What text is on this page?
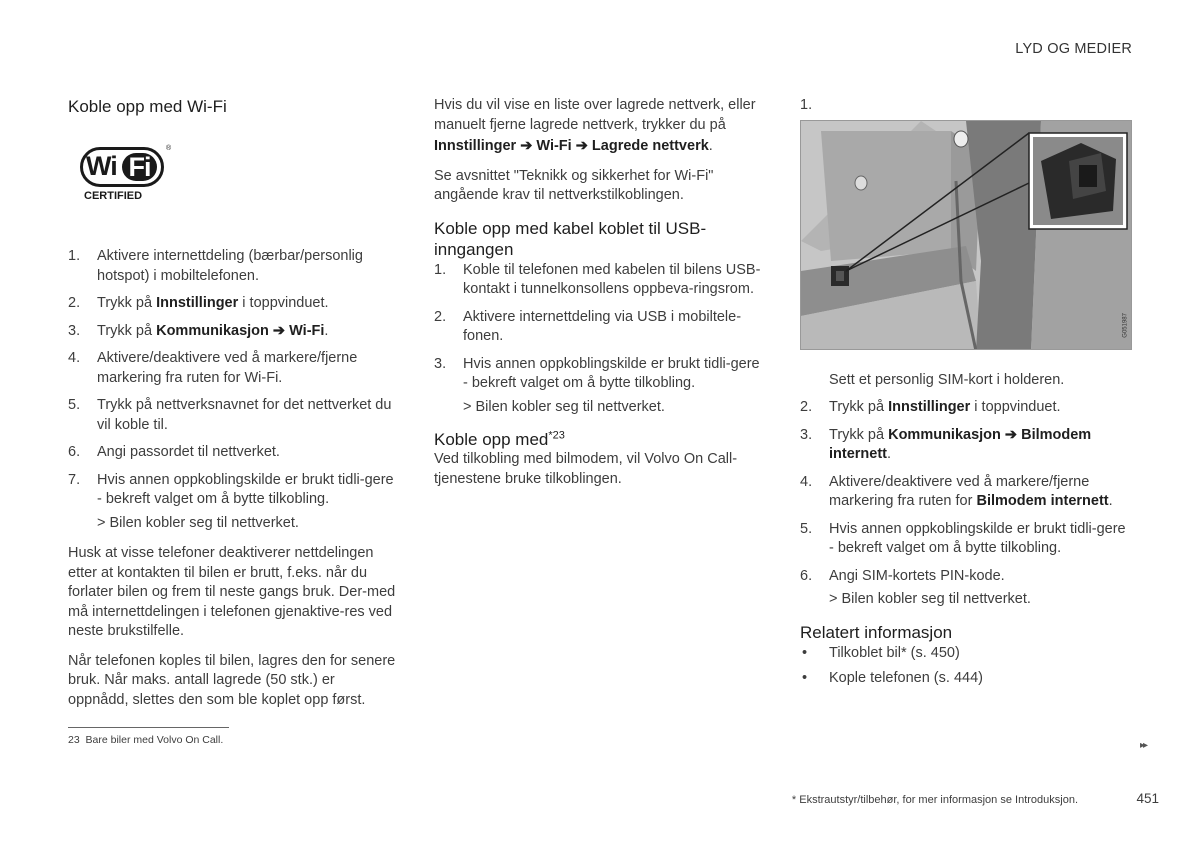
LYD OG MEDIER
Koble opp med Wi-Fi
Wi Fi
®
CERTIFIED
1. Aktivere internettdeling (bærbar/personlig hotspot) i mobiltelefonen.
2. Trykk på Innstillinger i toppvinduet.
3. Trykk på Kommunikasjon ➔ Wi-Fi.
4. Aktivere/deaktivere ved å markere/fjerne markering fra ruten for Wi-Fi.
5. Trykk på nettverksnavnet for det nettverket du vil koble til.
6. Angi passordet til nettverket.
7. Hvis annen oppkoblingskilde er brukt tidli-gere - bekreft valget om å bytte tilkobling.
> Bilen kobler seg til nettverket.

Husk at visse telefoner deaktiverer nettdelingen etter at kontakten til bilen er brutt, f.eks. når du forlater bilen og frem til neste gangs bruk. Der-med må internettdelingen i telefonen gjenaktive-res ved neste brukstilfelle.

Når telefonen koples til bilen, lagres den for senere bruk. Når maks. antall lagrede (50 stk.) er oppnådd, slettes den som ble koplet opp først.

Hvis du vil vise en liste over lagrede nettverk, eller manuelt fjerne lagrede nettverk, trykker du på

Innstillinger ➔ Wi-Fi ➔ Lagrede nettverk.

Se avsnittet "Teknikk og sikkerhet for Wi-Fi" angående krav til nettverkstilkoblingen.

Koble opp med kabel koblet til USB-inngangen
1. Koble til telefonen med kabelen til bilens USB-kontakt i tunnelkonsollens oppbeva-ringsrom.
2. Aktivere internettdeling via USB i mobiltele-fonen.
3. Hvis annen oppkoblingskilde er brukt tidli-gere - bekreft valget om å bytte tilkobling.
> Bilen kobler seg til nettverket.
Koble opp med$^{*23}$

Ved tilkobling med bilmodem, vil Volvo On Call-tjenestene bruke tilkoblingen.

1.
G051987
Sett et personlig SIM-kort i holderen.
2. Trykk på Innstillinger i toppvinduet.
3. Trykk på Kommunikasjon ➔ Bilmodem internett.
4. Aktivere/deaktivere ved å markere/fjerne markering fra ruten for Bilmodem internett.
5. Hvis annen oppkoblingskilde er brukt tidli-gere - bekreft valget om å bytte tilkobling.
6. Angi SIM-kortets PIN-kode.
> Bilen kobler seg til nettverket.
Relatert informasjon
• Tilkoblet bil* (s. 450)
• Kople telefonen (s. 444)
23 Bare biler med Volvo On Call.	▸▸
* Ekstrautstyr/tilbehør, for mer informasjon se Introduksjon.	451
